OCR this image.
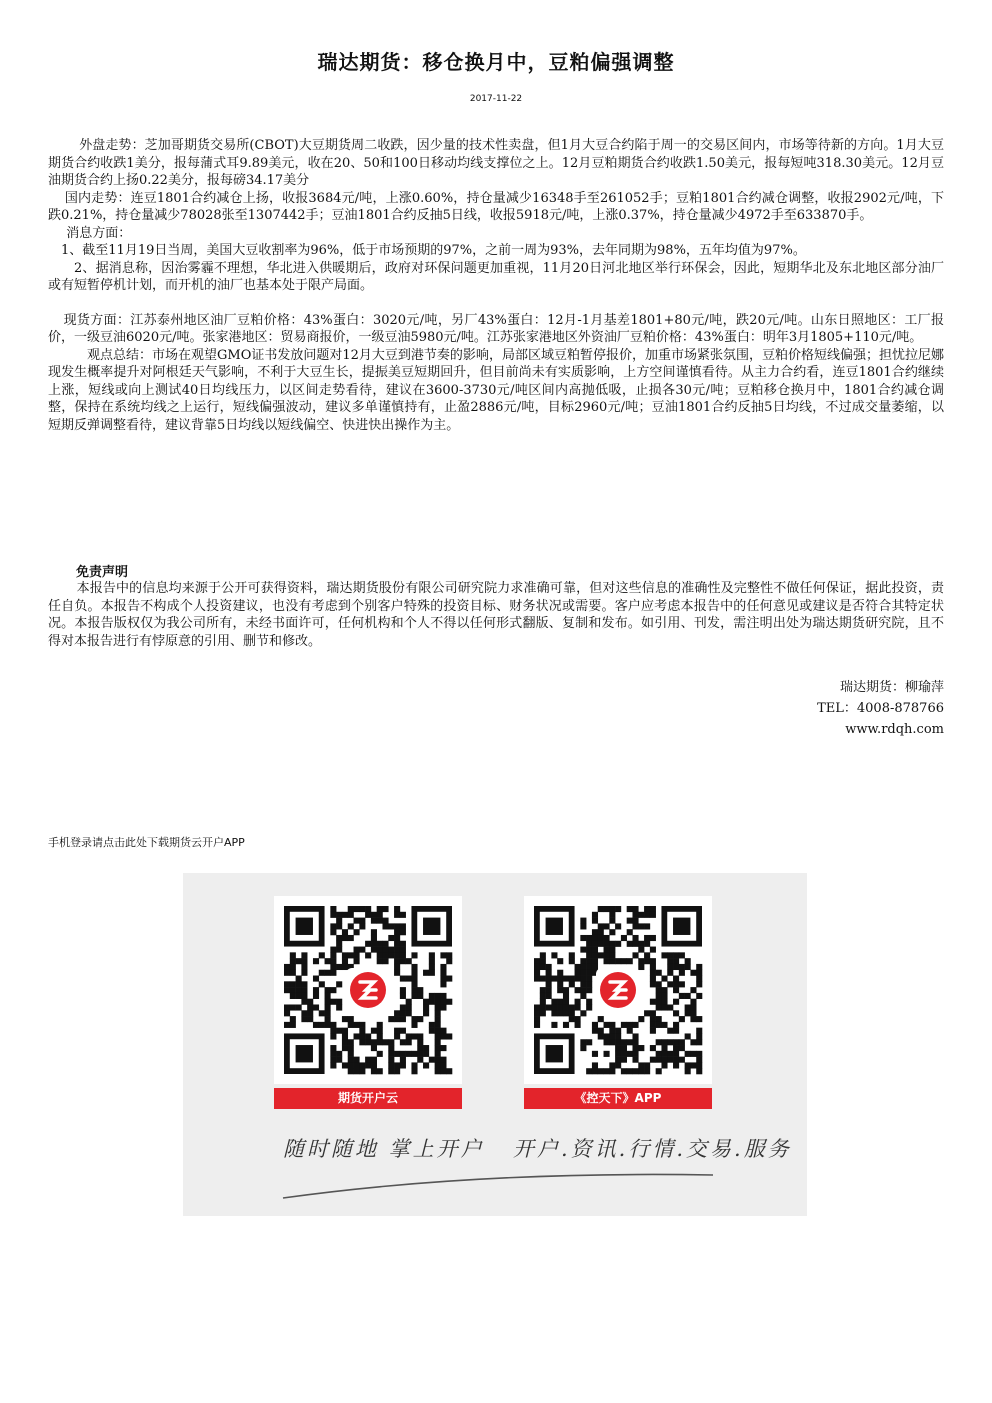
瑞达期货：移仓换月中，豆粕偏强调整
2017-11-22

外盘走势：芝加哥期货交易所(CBOT)大豆期货周二收跌，因少量的技术性卖盘，但1月大豆合约陷于周一的交易区间内，市场等待新的方向。1月大豆期货合约收跌1美分，报每蒲式耳9.89美元，收在20、50和100日移动均线支撑位之上。12月豆粕期货合约收跌1.50美元，报每短吨318.30美元。12月豆油期货合约上扬0.22美分，报每磅34.17美分

国内走势：连豆1801合约减仓上扬，收报3684元/吨，上涨0.60%，持仓量减少16348手至261052手；豆粕1801合约减仓调整，收报2902元/吨，下跌0.21%，持仓量减少78028张至1307442手；豆油1801合约反抽5日线，收报5918元/吨，上涨0.37%，持仓量减少4972手至633870手。

消息方面：

1、截至11月19日当周，美国大豆收割率为96%，低于市场预期的97%，之前一周为93%，去年同期为98%，五年均值为97%。

2、据消息称，因治雾霾不理想，华北进入供暖期后，政府对环保问题更加重视，11月20日河北地区举行环保会，因此，短期华北及东北地区部分油厂或有短暂停机计划，而开机的油厂也基本处于限产局面。

现货方面：江苏泰州地区油厂豆粕价格：43%蛋白：3020元/吨，另厂43%蛋白：12月-1月基差1801+80元/吨，跌20元/吨。山东日照地区：工厂报价，一级豆油6020元/吨。张家港地区：贸易商报价，一级豆油5980元/吨。江苏张家港地区外资油厂豆粕价格：43%蛋白：明年3月1805+110元/吨。

观点总结：市场在观望GMO证书发放问题对12月大豆到港节奏的影响，局部区域豆粕暂停报价，加重市场紧张氛围，豆粕价格短线偏强；担忧拉尼娜现发生概率提升对阿根廷天气影响，不利于大豆生长，提振美豆短期回升，但目前尚未有实质影响，上方空间谨慎看待。从主力合约看，连豆1801合约继续上涨，短线或向上测试40日均线压力，以区间走势看待，建议在3600-3730元/吨区间内高抛低吸，止损各30元/吨；豆粕移仓换月中，1801合约减仓调整，保持在系统均线之上运行，短线偏强波动，建议多单谨慎持有，止盈2886元/吨，目标2960元/吨；豆油1801合约反抽5日均线，不过成交量萎缩，以短期反弹调整看待，建议背靠5日均线以短线偏空、快进快出操作为主。

免责声明
本报告中的信息均来源于公开可获得资料，瑞达期货股份有限公司研究院力求准确可靠，但对这些信息的准确性及完整性不做任何保证，据此投资，责任自负。本报告不构成个人投资建议，也没有考虑到个别客户特殊的投资目标、财务状况或需要。客户应考虑本报告中的任何意见或建议是否符合其特定状况。本报告版权仅为我公司所有，未经书面许可，任何机构和个人不得以任何形式翻版、复制和发布。如引用、刊发，需注明出处为瑞达期货研究院，且不得对本报告进行有悖原意的引用、删节和修改。
瑞达期货：柳瑜萍
TEL：4008-878766
www.rdqh.com
手机登录请点击此处下载期货云开户APP
期货开户云	《控天下》APP
随时随地 掌上开户 开户.资讯.行情.交易.服务
